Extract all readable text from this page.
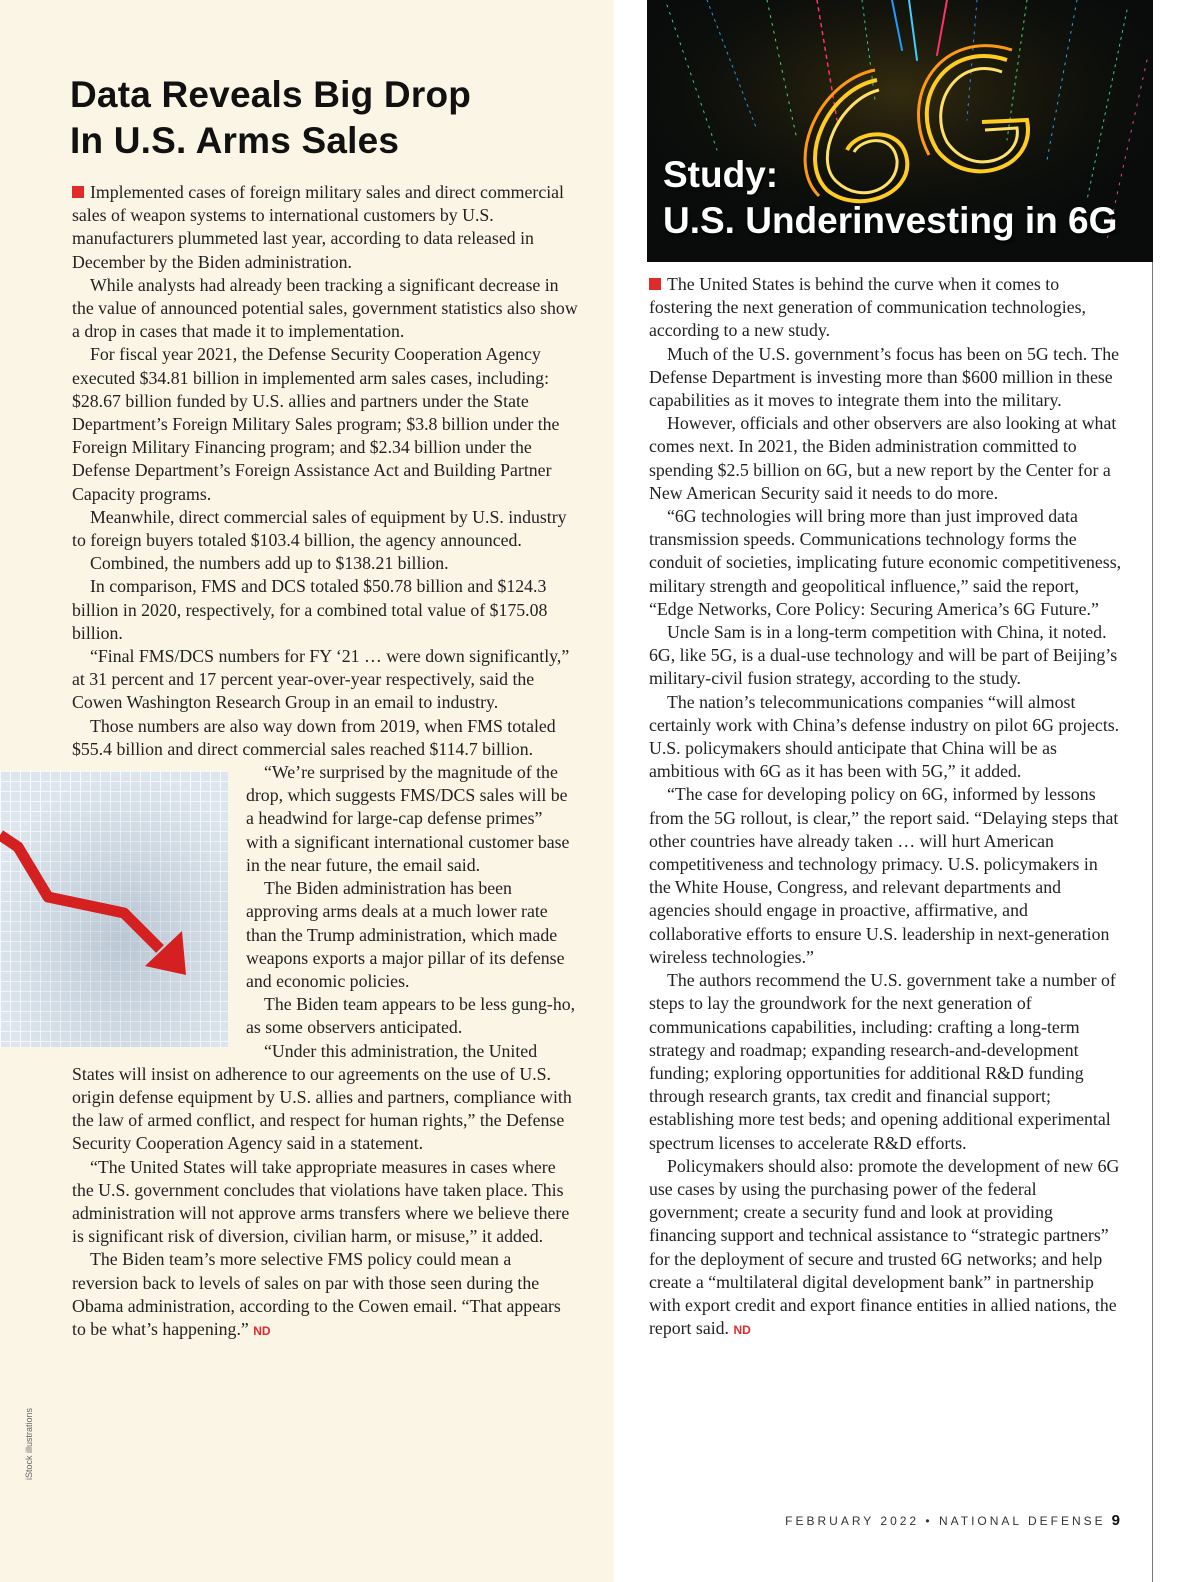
Data Reveals Big Drop
In U.S. Arms Sales

Implemented cases of foreign military sales and direct commercial sales of weapon systems to international customers by U.S. manufacturers plummeted last year, according to data released in December by the Biden administration.

While analysts had already been tracking a significant decrease in the value of announced potential sales, government statistics also show a drop in cases that made it to implementation.

For fiscal year 2021, the Defense Security Cooperation Agency executed $34.81 billion in implemented arm sales cases, including: $28.67 billion funded by U.S. allies and partners under the State Department’s Foreign Military Sales program; $3.8 billion under the Foreign Military Financing program; and $2.34 billion under the Defense Department’s Foreign Assistance Act and Building Partner Capacity programs.

Meanwhile, direct commercial sales of equipment by U.S. industry to foreign buyers totaled $103.4 billion, the agency announced.

Combined, the numbers add up to $138.21 billion.

In comparison, FMS and DCS totaled $50.78 billion and $124.3 billion in 2020, respectively, for a combined total value of $175.08 billion.

“Final FMS/DCS numbers for FY ‘21 … were down significantly,” at 31 percent and 17 percent year-over-year respectively, said the Cowen Washington Research Group in an email to industry.

Those numbers are also way down from 2019, when FMS totaled $55.4 billion and direct commercial sales reached $114.7 billion.

“We’re surprised by the magnitude of the drop, which suggests FMS/DCS sales will be a headwind for large-cap defense primes” with a significant international customer base in the near future, the email said.

The Biden administration has been approving arms deals at a much lower rate than the Trump administration, which made weapons exports a major pillar of its defense and economic policies.

The Biden team appears to be less gung-ho, as some observers anticipated.

“Under this administration, the United States will insist on adherence to our agreements on the use of U.S. origin defense equipment by U.S. allies and partners, compliance with the law of armed conflict, and respect for human rights,” the Defense Security Cooperation Agency said in a statement.

“The United States will take appropriate measures in cases where the U.S. government concludes that violations have taken place. This administration will not approve arms transfers where we believe there is significant risk of diversion, civilian harm, or misuse,” it added.

The Biden team’s more selective FMS policy could mean a reversion back to levels of sales on par with those seen during the Obama administration, according to the Cowen email. “That appears to be what’s happening.” ND

iStock illustrations
Study:
U.S. Underinvesting in 6G

The United States is behind the curve when it comes to fostering the next generation of communication technologies, according to a new study.

Much of the U.S. government’s focus has been on 5G tech. The Defense Department is investing more than $600 million in these capabilities as it moves to integrate them into the military.

However, officials and other observers are also looking at what comes next. In 2021, the Biden administration committed to spending $2.5 billion on 6G, but a new report by the Center for a New American Security said it needs to do more.

“6G technologies will bring more than just improved data transmission speeds. Communications technology forms the conduit of societies, implicating future economic competitiveness, military strength and geopolitical influence,” said the report, “Edge Networks, Core Policy: Securing America’s 6G Future.”

Uncle Sam is in a long-term competition with China, it noted. 6G, like 5G, is a dual-use technology and will be part of Beijing’s military-civil fusion strategy, according to the study.

The nation’s telecommunications companies “will almost certainly work with China’s defense industry on pilot 6G projects. U.S. policymakers should anticipate that China will be as ambitious with 6G as it has been with 5G,” it added.

“The case for developing policy on 6G, informed by lessons from the 5G rollout, is clear,” the report said. “Delaying steps that other countries have already taken … will hurt American competitiveness and technology primacy. U.S. policymakers in the White House, Congress, and relevant departments and agencies should engage in proactive, affirmative, and collaborative efforts to ensure U.S. leadership in next-generation wireless technologies.”

The authors recommend the U.S. government take a number of steps to lay the groundwork for the next generation of communications capabilities, including: crafting a long-term strategy and roadmap; expanding research-and-development funding; exploring opportunities for additional R&D funding through research grants, tax credit and financial support; establishing more test beds; and opening additional experimental spectrum licenses to accelerate R&D efforts.

Policymakers should also: promote the development of new 6G use cases by using the purchasing power of the federal government; create a security fund and look at providing financing support and technical assistance to “strategic partners” for the deployment of secure and trusted 6G networks; and help create a “multilateral digital development bank” in partnership with export credit and export finance entities in allied nations, the report said. ND

FEBRUARY 2022 • NATIONAL DEFENSE 9
